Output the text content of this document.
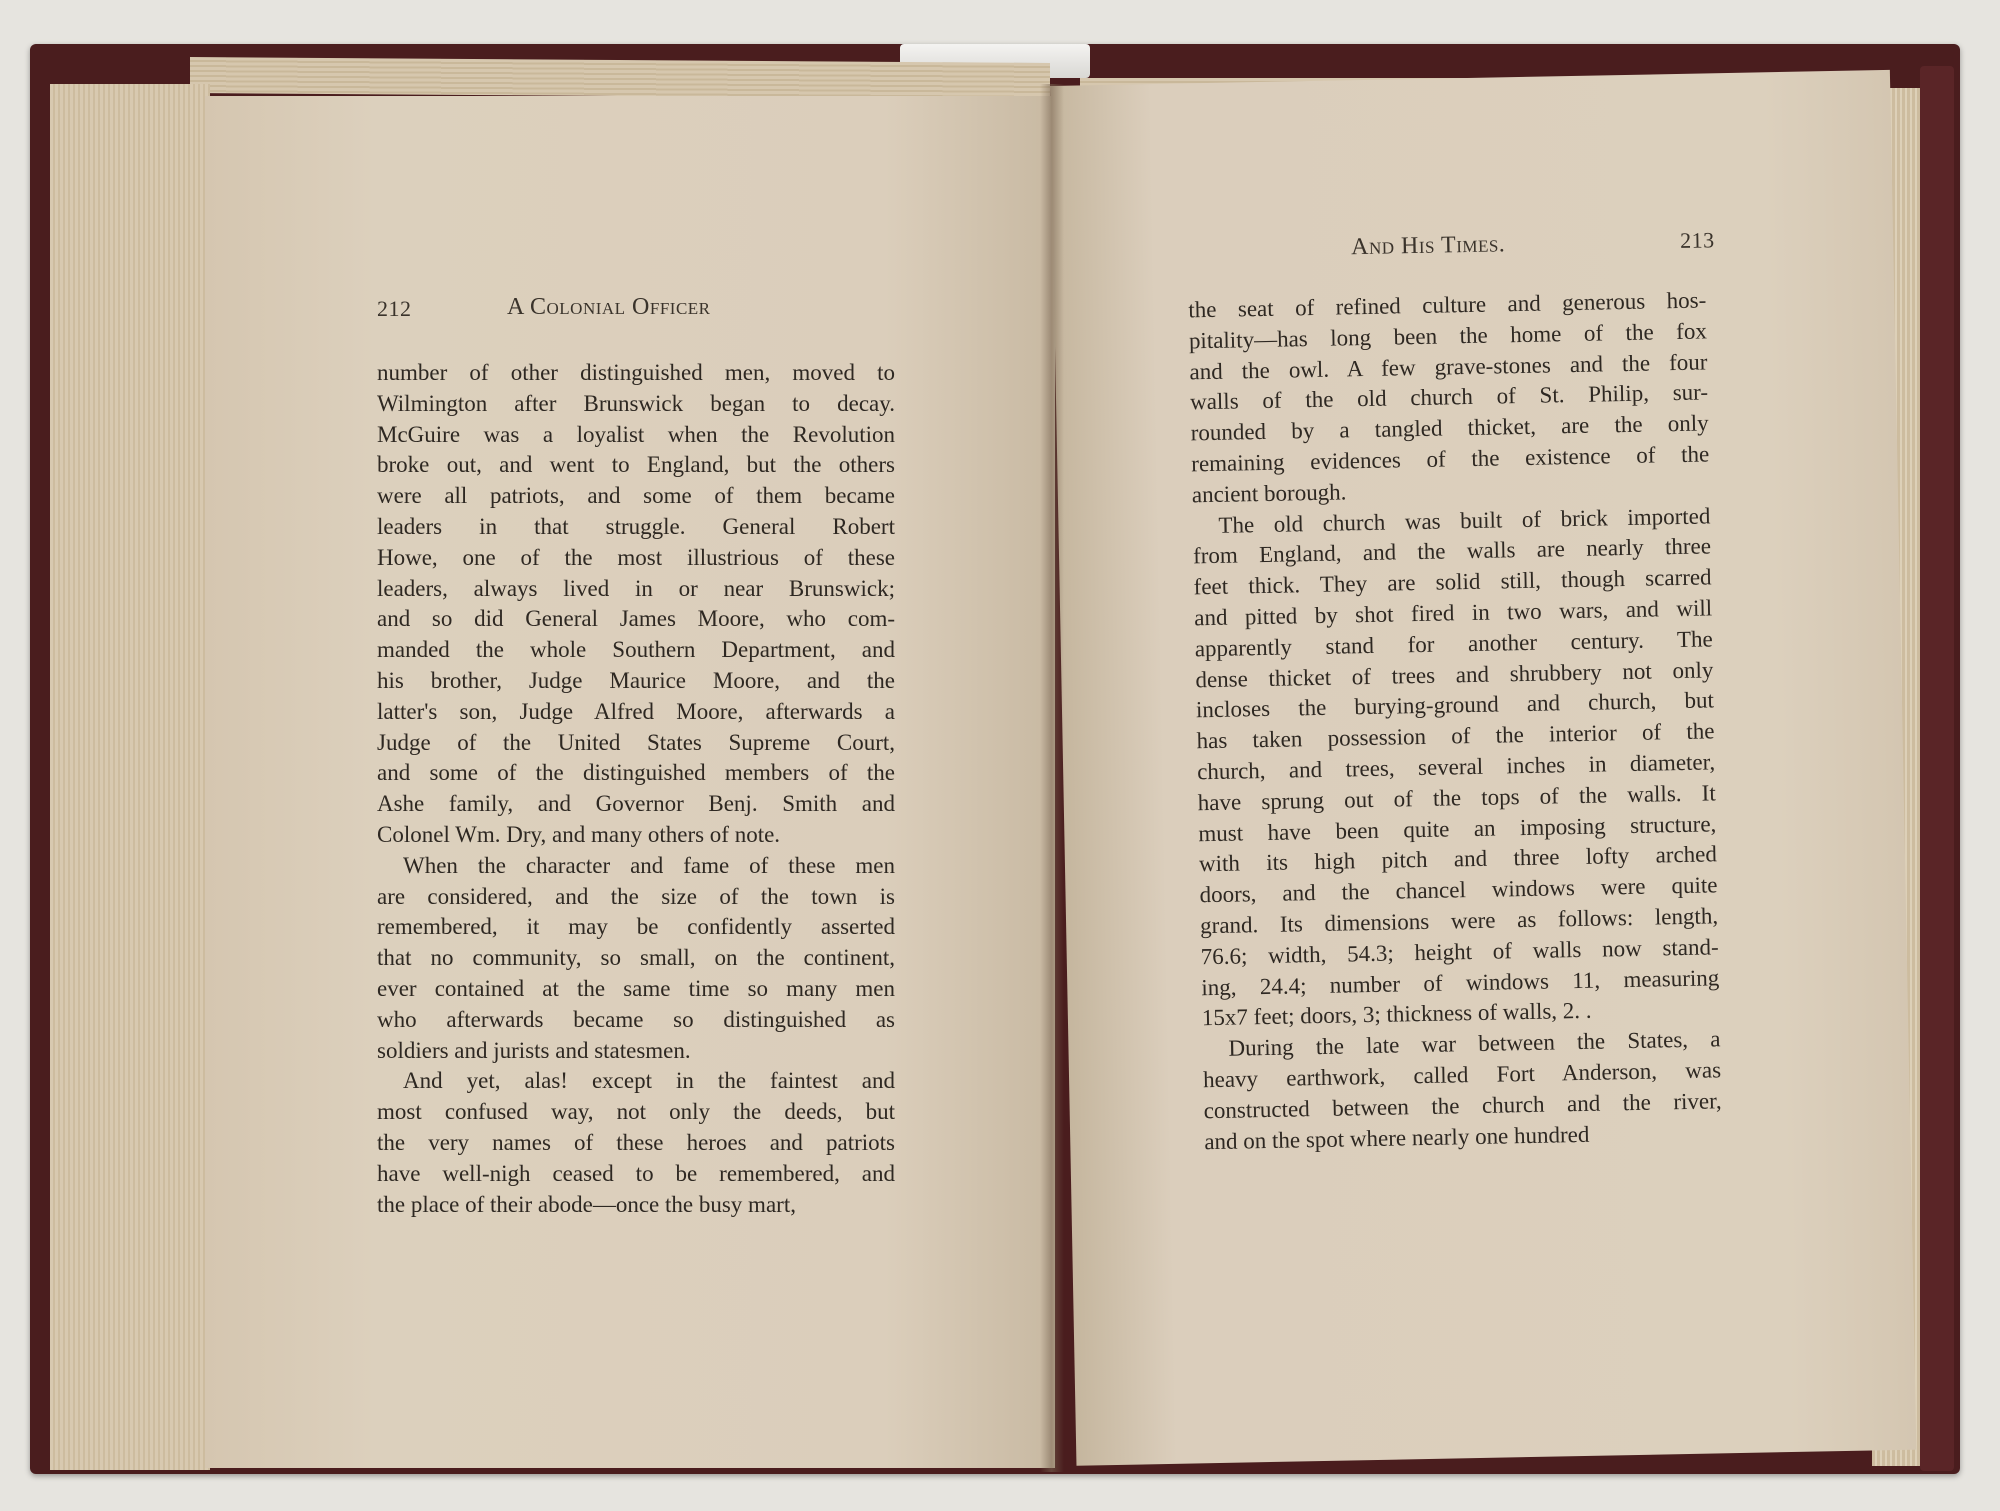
212	A Colonial Officer
number of other distinguished men, moved to
Wilmington after Brunswick began to decay.
McGuire was a loyalist when the Revolution
broke out, and went to England, but the others
were all patriots, and some of them became
leaders in that struggle. General Robert
Howe, one of the most illustrious of these
leaders, always lived in or near Brunswick;
and so did General James Moore, who com-
manded the whole Southern Department, and
his brother, Judge Maurice Moore, and the
latter's son, Judge Alfred Moore, afterwards a
Judge of the United States Supreme Court,
and some of the distinguished members of the
Ashe family, and Governor Benj. Smith and
Colonel Wm. Dry, and many others of note.
When the character and fame of these men
are considered, and the size of the town is
remembered, it may be confidently asserted
that no community, so small, on the continent,
ever contained at the same time so many men
who afterwards became so distinguished as
soldiers and jurists and statesmen.
And yet, alas! except in the faintest and
most confused way, not only the deeds, but
the very names of these heroes and patriots
have well-nigh ceased to be remembered, and
the place of their abode—once the busy mart,
And His Times.	213
the seat of refined culture and generous hos-
pitality—has long been the home of the fox
and the owl. A few grave-stones and the four
walls of the old church of St. Philip, sur-
rounded by a tangled thicket, are the only
remaining evidences of the existence of the
ancient borough.
The old church was built of brick imported
from England, and the walls are nearly three
feet thick. They are solid still, though scarred
and pitted by shot fired in two wars, and will
apparently stand for another century. The
dense thicket of trees and shrubbery not only
incloses the burying-ground and church, but
has taken possession of the interior of the
church, and trees, several inches in diameter,
have sprung out of the tops of the walls. It
must have been quite an imposing structure,
with its high pitch and three lofty arched
doors, and the chancel windows were quite
grand. Its dimensions were as follows: length,
76.6; width, 54.3; height of walls now stand-
ing, 24.4; number of windows 11, measuring
15x7 feet; doors, 3; thickness of walls, 2. .
During the late war between the States, a
heavy earthwork, called Fort Anderson, was
constructed between the church and the river,
and on the spot where nearly one hundred
